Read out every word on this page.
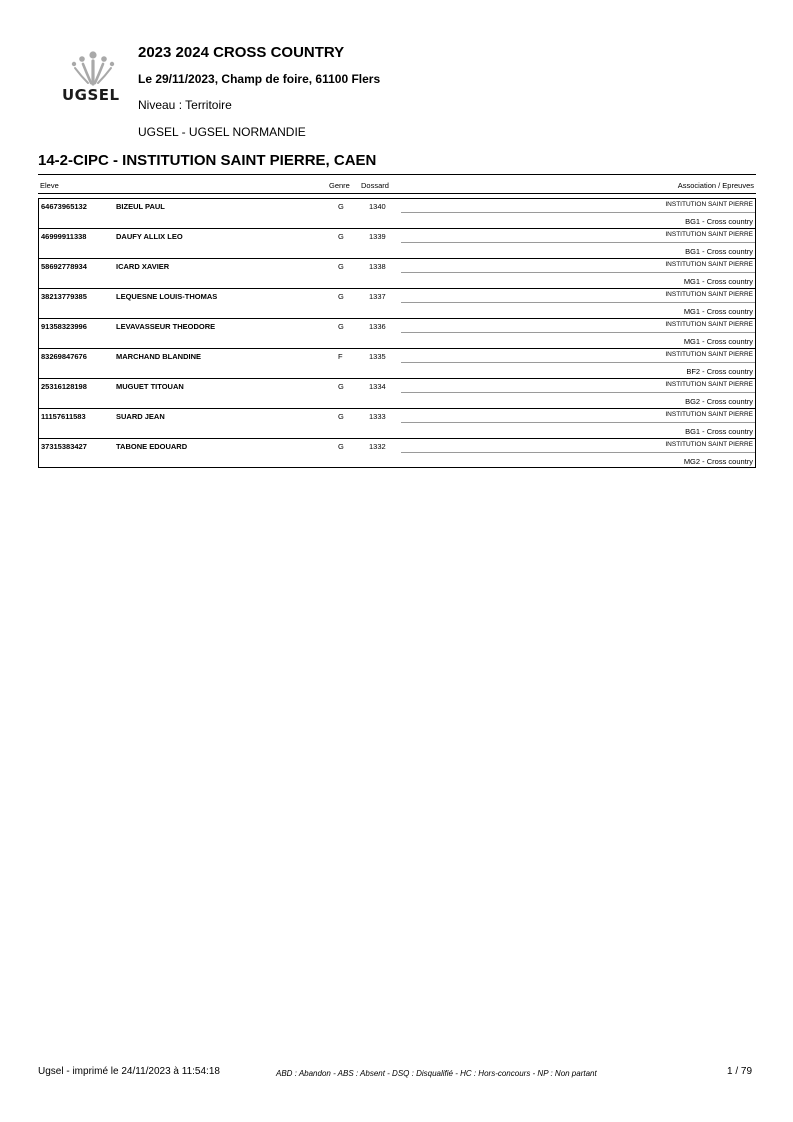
UGSEL
2023 2024 CROSS COUNTRY
Le 29/11/2023, Champ de foire, 61100 Flers
Niveau : Territoire
UGSEL - UGSEL NORMANDIE
14-2-CIPC - INSTITUTION SAINT PIERRE, CAEN
Eleve	Genre Dossard	Association / Epreuves
64673965132	BIZEUL PAUL	G	1340	INSTITUTION SAINT PIERRE
BG1 - Cross country
46999911338	DAUFY ALLIX LEO	G	1339	INSTITUTION SAINT PIERRE
BG1 - Cross country
58692778934	ICARD XAVIER	G	1338	INSTITUTION SAINT PIERRE
MG1 - Cross country
38213779385	LEQUESNE LOUIS-THOMAS	G	1337	INSTITUTION SAINT PIERRE
MG1 - Cross country
91358323996	LEVAVASSEUR THEODORE	G	1336	INSTITUTION SAINT PIERRE
MG1 - Cross country
83269847676	MARCHAND BLANDINE	F	1335	INSTITUTION SAINT PIERRE
BF2 - Cross country
25316128198	MUGUET TITOUAN	G	1334	INSTITUTION SAINT PIERRE
BG2 - Cross country
11157611583	SUARD JEAN	G	1333	INSTITUTION SAINT PIERRE
BG1 - Cross country
37315383427	TABONE EDOUARD	G	1332	INSTITUTION SAINT PIERRE
MG2 - Cross country
Ugsel - imprimé le 24/11/2023 à 11:54:18	ABD : Abandon - ABS : Absent - DSQ : Disqualifié - HC : Hors-concours - NP : Non partant	1 / 79
